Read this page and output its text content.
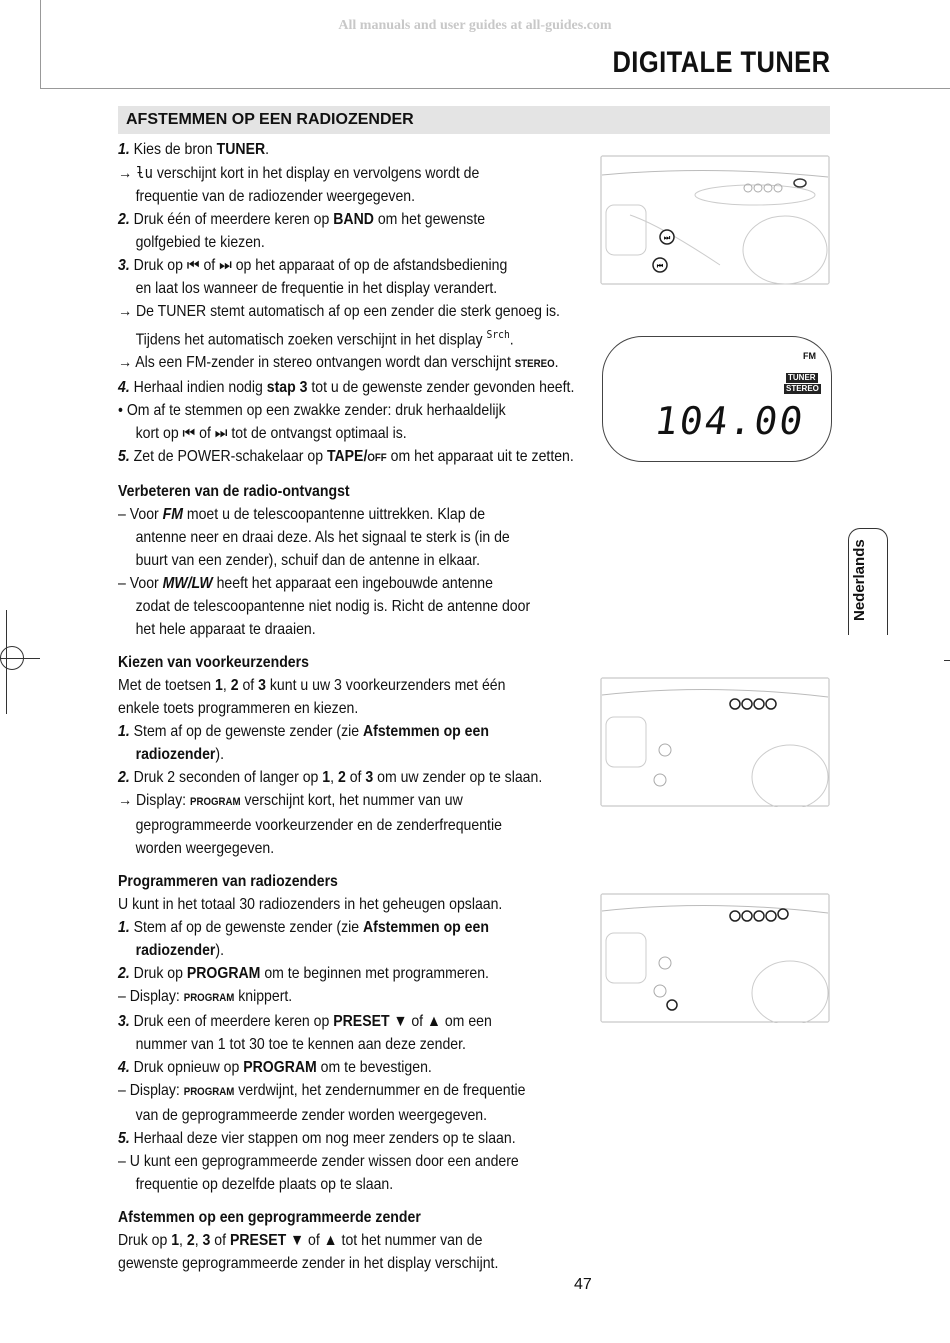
All manuals and user guides at all-guides.com
DIGITALE TUNER
AFSTEMMEN OP EEN RADIOZENDER

1. Kies de bron TUNER.

→ ƚu verschijnt kort in het display en vervolgens wordt de

frequentie van de radiozender weergegeven.

2. Druk één of meerdere keren op BAND om het gewenste

golfgebied te kiezen.

3. Druk op ⏮ of ⏭ op het apparaat of op de afstandsbediening

en laat los wanneer de frequentie in het display verandert.

→ De TUNER stemt automatisch af op een zender die sterk genoeg is.

Tijdens het automatisch zoeken verschijnt in het display $^{Srch}$.

→ Als een FM-zender in stereo ontvangen wordt dan verschijnt STEREO.

4. Herhaal indien nodig stap 3 tot u de gewenste zender gevonden heeft.

• Om af te stemmen op een zwakke zender: druk herhaaldelijk

kort op ⏮ of ⏭ tot de ontvangst optimaal is.

5. Zet de POWER-schakelaar op TAPE/OFF om het apparaat uit te zetten.

Verbeteren van de radio-ontvangst

– Voor FM moet u de telescoopantenne uittrekken. Klap de

antenne neer en draai deze. Als het signaal te sterk is (in de

buurt van een zender), schuif dan de antenne in elkaar.

– Voor MW/LW heeft het apparaat een ingebouwde antenne

zodat de telescoopantenne niet nodig is. Richt de antenne door

het hele apparaat te draaien.

Kiezen van voorkeurzenders

Met de toetsen 1, 2 of 3 kunt u uw 3 voorkeurzenders met één

enkele toets programmeren en kiezen.

1. Stem af op de gewenste zender (zie Afstemmen op een

radiozender).

2. Druk 2 seconden of langer op 1, 2 of 3 om uw zender op te slaan.

→ Display: PROGRAM verschijnt kort, het nummer van uw

geprogrammeerde voorkeurzender en de zenderfrequentie

worden weergegeven.

Programmeren van radiozenders

U kunt in het totaal 30 radiozenders in het geheugen opslaan.

1. Stem af op de gewenste zender (zie Afstemmen op een

radiozender).

2. Druk op PROGRAM om te beginnen met programmeren.

– Display: PROGRAM knippert.

3. Druk een of meerdere keren op PRESET ▼ of ▲ om een

nummer van 1 tot 30 toe te kennen aan deze zender.

4. Druk opnieuw op PROGRAM om te bevestigen.

– Display: PROGRAM verdwijnt, het zendernummer en de frequentie

van de geprogrammeerde zender worden weergegeven.

5. Herhaal deze vier stappen om nog meer zenders op te slaan.

– U kunt een geprogrammeerde zender wissen door een andere

frequentie op dezelfde plaats op te slaan.

Afstemmen op een geprogrammeerde zender

Druk op 1, 2, 3 of PRESET ▼ of ▲ tot het nummer van de

gewenste geprogrammeerde zender in het display verschijnt.

⏭
⏮
FM
TUNER
STEREO
104.00
Nederlands
47
